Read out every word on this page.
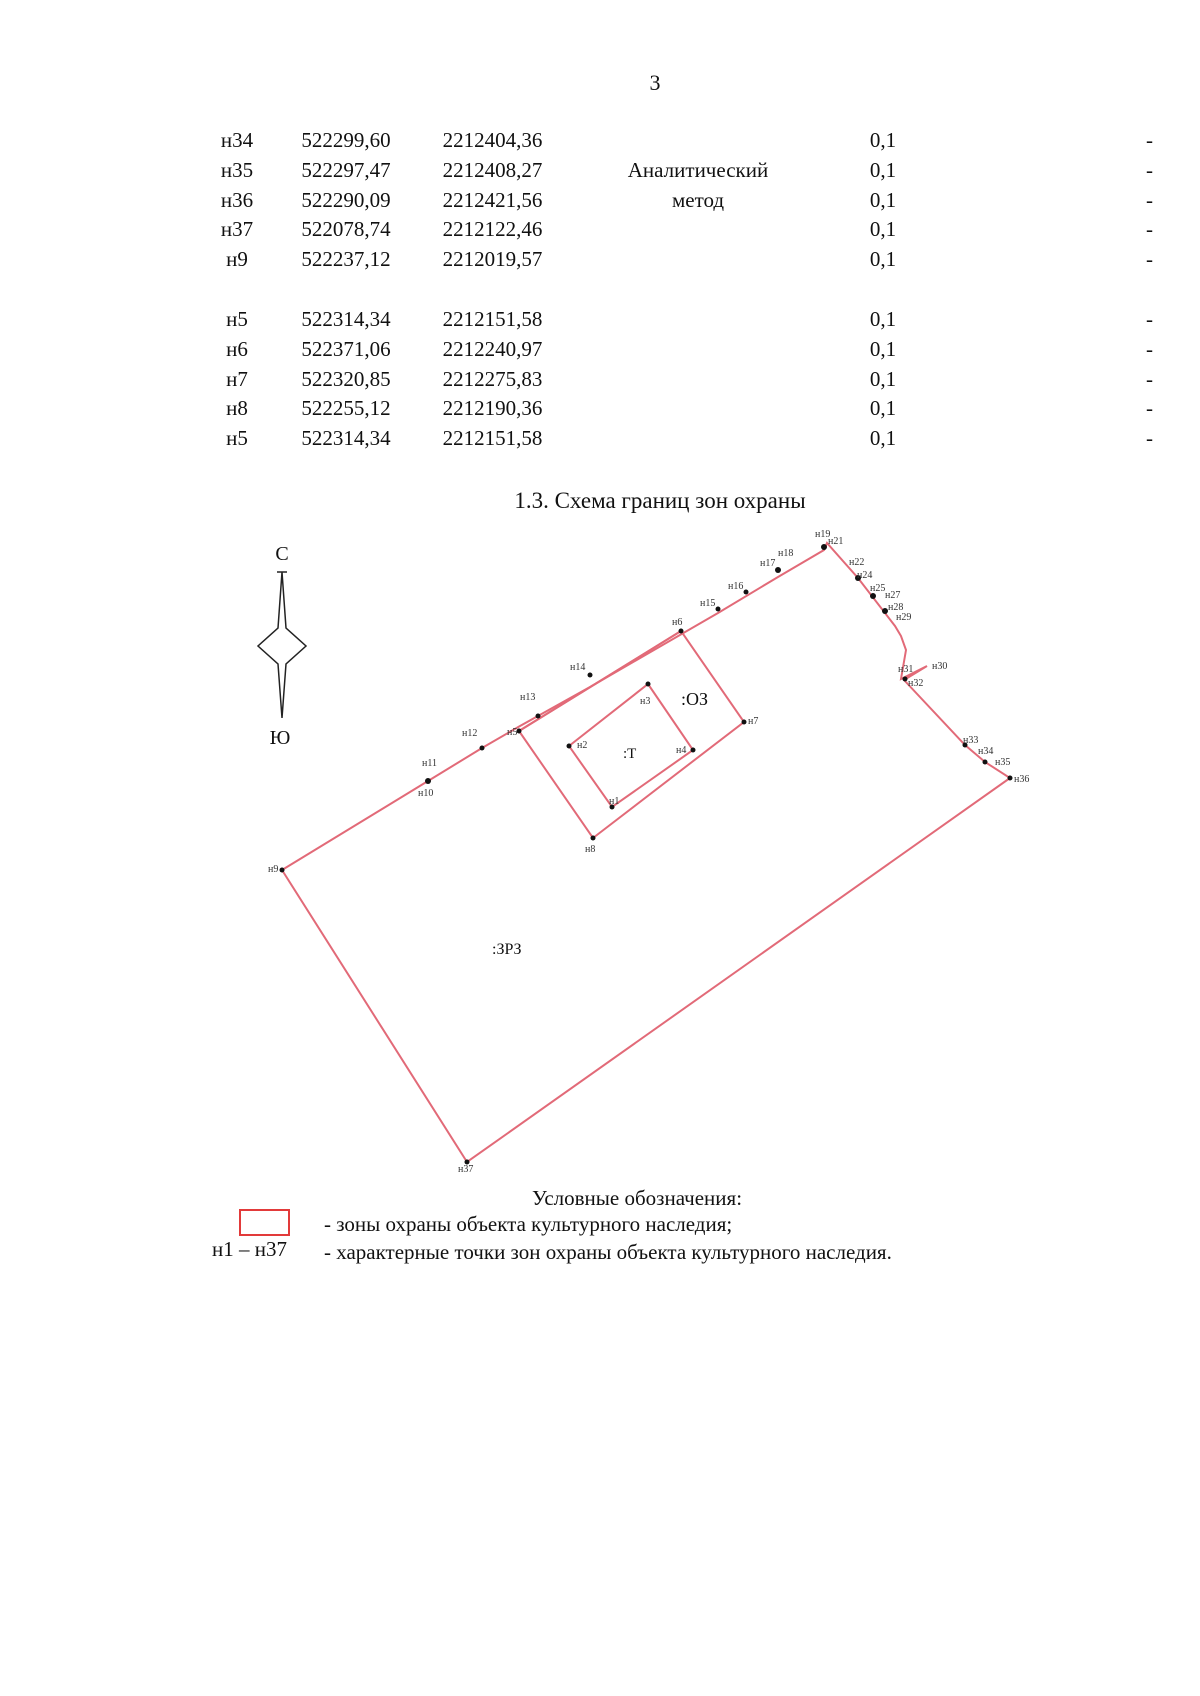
3
н34	522299,60	2212404,36		0,1	-
н35	522297,47	2212408,27	Аналитический	0,1	-
н36	522290,09	2212421,56	метод	0,1	-
н37	522078,74	2212122,46		0,1	-
н9	522237,12	2212019,57		0,1	-

н5	522314,34	2212151,58		0,1	-
н6	522371,06	2212240,97		0,1	-
н7	522320,85	2212275,83		0,1	-
н8	522255,12	2212190,36		0,1	-
н5	522314,34	2212151,58		0,1	-
1.3. Схема границ зон охраны
С
Ю
н9
н10
н11
н12
н13
н14
н6
н15
н16
н17
н18
н19
н21
н22
н24
н25
н27
н28
н29
н30
н31
н32
н33
н34
н35
н36
н37
н5
н7
н8
н1
н2
н3
н4
:ОЗ
:Т
:ЗРЗ
Условные обозначения:
н1 – н37
- зоны охраны объекта культурного наследия;
- характерные точки зон охраны объекта культурного наследия.
